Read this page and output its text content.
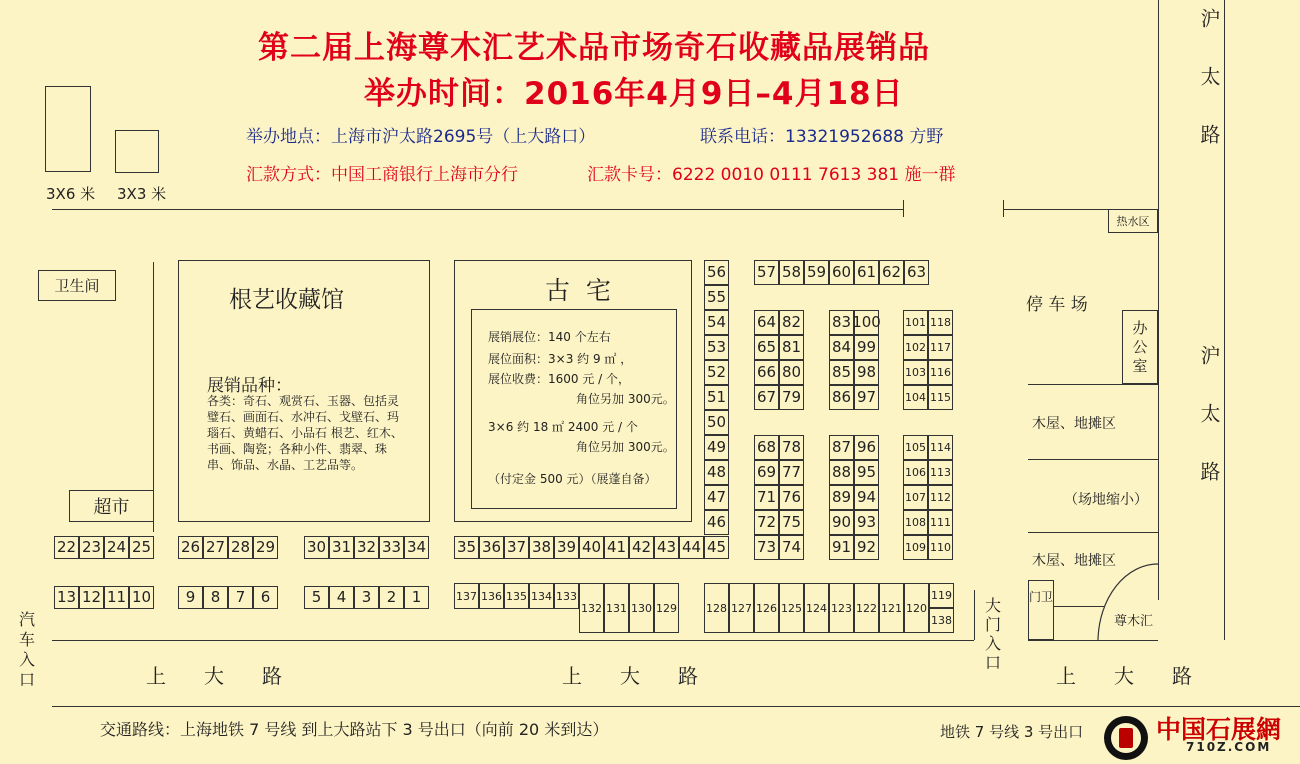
第二届上海尊木汇艺术品市场奇石收藏品展销品
举办时间：2016年4月9日–4月18日
举办地点：上海市沪太路2695号（上大路口）	联系电话：13321952688 方野
汇款方式：中国工商银行上海市分行	汇款卡号：6222 0010 0111 7613 381 施一群
3X6 米 3X3 米
沪太路
沪太路
热水区
卫生间
超市
根艺收藏馆
展销品种：
各类：奇石、观赏石、玉器、包括灵璧石、画面石、水冲石、戈壁石、玛瑙石、黄蜡石、小品石 根艺、红木、书画、陶瓷；各种小件、翡翠、珠串、饰品、水晶、工艺品等。
古  宅
展销展位：140 个左右
展位面积：3×3 约 9 ㎡ ，
展位收费：1600 元 / 个，
角位另加 300元。
3×6 约 18 ㎡ 2400 元 / 个
角位另加 300元。
（付定金 500 元）（展蓬自备）
停 车 场
办公室
木屋、地摊区
（场地缩小）
木屋、地摊区
门卫
尊木汇
22 23 24 25 26 27 28 29 30 31 32 33 34 35 36 37 38 39 40 41 42 43 44 45
13 12 11 10	9	8	7	6	5	4	3	2	1	137 136 135 134 133
132 131 130 129	128 127 126 125 124 123 122 121 120
119
138
56
55
54
53
52
51
50
49
48
47
46
57 58 59 60 61 62 63
64 82
65 81
66 80
67 79
68 78
69 77
71 76
72 75
73 74
83 100
84 99
85 98
86 97
87 96
88 95
89 94
90 93
91 92
101 118
102 117
103 116
104 115
105 114
106 113
107 112
108 111
109 110
上大路	上大路	上大路
汽车入口
大门入口
交通路线：上海地铁 7 号线 到上大路站下 3 号出口（向前 20 米到达）	地铁 7 号线 3 号出口	中国石展網
710Z.COM
